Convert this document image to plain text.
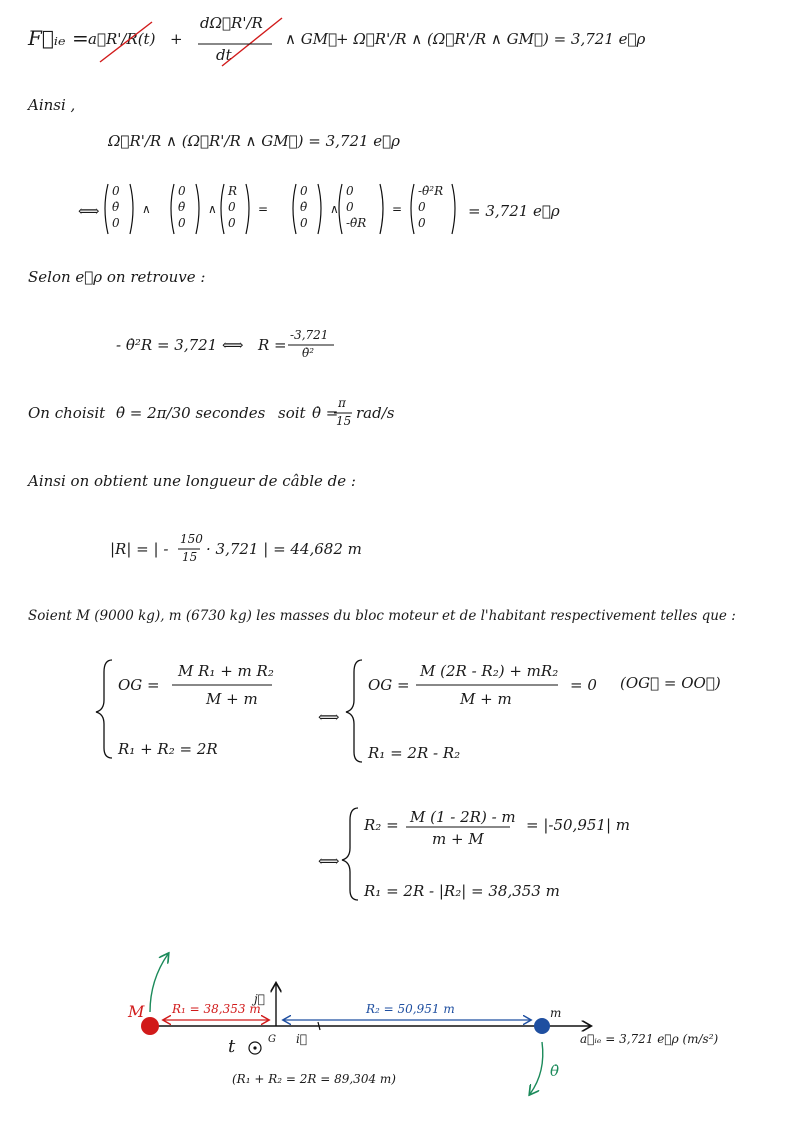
F⃗ᵢₑ = a⃗R'/R(t) +
dΩ⃗R'/R
dt
∧ GM⃗
+ Ω⃗R'/R ∧ (Ω⃗R'/R ∧ GM⃗) = 3,721 e⃗ρ
Ainsi ,
Ω⃗R'/R ∧ (Ω⃗R'/R ∧ GM⃗) = 3,721 e⃗ρ
⟺
0
θ̇
0
∧
0
θ̇
0
∧
R
0
0
=
0
θ̇
0
∧
0
0
-θ̇R
=
-θ̇²R
0
0
= 3,721 e⃗ρ
Selon e⃗ρ on retrouve :
- θ̇²R = 3,721 ⟺ R =
-3,721
θ̇²
On choisit θ̇ = 2π/30 secondes soit θ̇ =
π
15 rad/s
Ainsi on obtient une longueur de câble de :
|R| = | -
150
15 · 3,721 | = 44,682 m
Soient M (9000 kg), m (6730 kg) les masses du bloc moteur et de l'habitant respectivement telles que :
OG =
M R₁ + m R₂
M + m
R₁ + R₂ = 2R
⟺
OG =
M (2R - R₂) + mR₂
M + m
= 0 (OG⃗ = OO⃗)
R₁ = 2R - R₂
⟺
R₂ = M (1 - 2R) - m
m + M
= |-50,951| m
R₁ = 2R - |R₂| = 38,353 m
M R₁ = 38,353 m
j⃗
R₂ = 50,951 m	m
G i⃗
t
θ̇
a⃗ᵢₑ = 3,721 e⃗ρ (m/s²)
(R₁ + R₂ = 2R = 89,304 m)
